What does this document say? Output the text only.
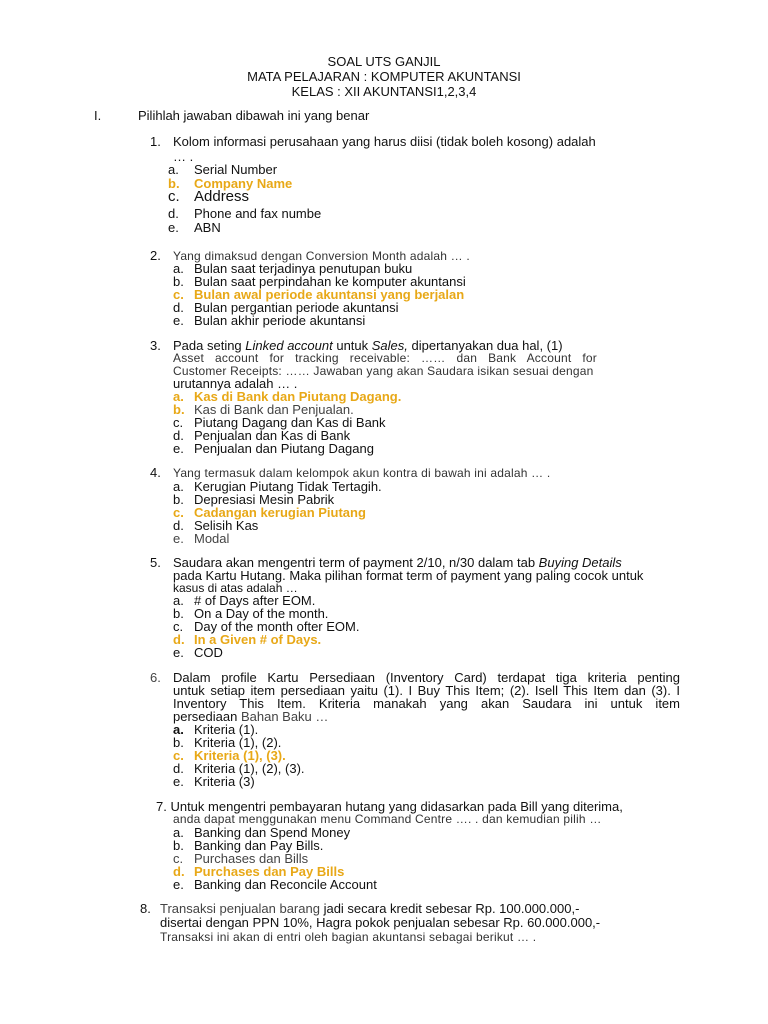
SOAL UTS GANJIL
MATA PELAJARAN : KOMPUTER AKUNTANSI
KELAS : XII AKUNTANSI1,2,3,4
I.	Pilihlah jawaban dibawah ini yang benar
1. Kolom informasi perusahaan yang harus diisi (tidak boleh kosong) adalah
… .
a. Serial Number
b. Company Name
c. Address
d. Phone and fax numbe
e. ABN
2. Yang dimaksud dengan Conversion Month adalah … .
a. Bulan saat terjadinya penutupan buku
b. Bulan saat perpindahan ke komputer akuntansi
c. Bulan awal periode akuntansi yang berjalan
d. Bulan pergantian periode akuntansi
e. Bulan akhir periode akuntansi
3. Pada seting Linked account untuk Sales, dipertanyakan dua hal, (1)
Asset account for tracking receivable: …… dan Bank Account for
Customer Receipts: …… Jawaban yang akan Saudara isikan sesuai dengan
urutannya adalah … .
a. Kas di Bank dan Piutang Dagang.
b. Kas di Bank dan Penjualan.
c. Piutang Dagang dan Kas di Bank
d. Penjualan dan Kas di Bank
e. Penjualan dan Piutang Dagang
4. Yang termasuk dalam kelompok akun kontra di bawah ini adalah … .
a. Kerugian Piutang Tidak Tertagih.
b. Depresiasi Mesin Pabrik
c. Cadangan kerugian Piutang
d. Selisih Kas
e. Modal
5. Saudara akan mengentri term of payment 2/10, n/30 dalam tab Buying Details
pada Kartu Hutang. Maka pilihan format term of payment yang paling cocok untuk
kasus di atas adalah …
a. # of Days after EOM.
b. On a Day of the month.
c. Day of the month ofter EOM.
d. In a Given # of Days.
e. COD
6. Dalam profile Kartu Persediaan (Inventory Card) terdapat tiga kriteria penting
untuk setiap item persediaan yaitu (1). I Buy This Item; (2). Isell This Item dan (3). I
Inventory This Item. Kriteria manakah yang akan Saudara ini untuk item
persediaan Bahan Baku …
a. Kriteria (1).
b. Kriteria (1), (2).
c. Kriteria (1), (3).
d. Kriteria (1), (2), (3).
e. Kriteria (3)
7. Untuk mengentri pembayaran hutang yang didasarkan pada Bill yang diterima,
anda dapat menggunakan menu Command Centre …. . dan kemudian pilih …
a. Banking dan Spend Money
b. Banking dan Pay Bills.
c. Purchases dan Bills
d. Purchases dan Pay Bills
e. Banking dan Reconcile Account
8. Transaksi penjualan barang jadi secara kredit sebesar Rp. 100.000.000,-
disertai dengan PPN 10%, Hagra pokok penjualan sebesar Rp. 60.000.000,-
Transaksi ini akan di entri oleh bagian akuntansi sebagai berikut … .
